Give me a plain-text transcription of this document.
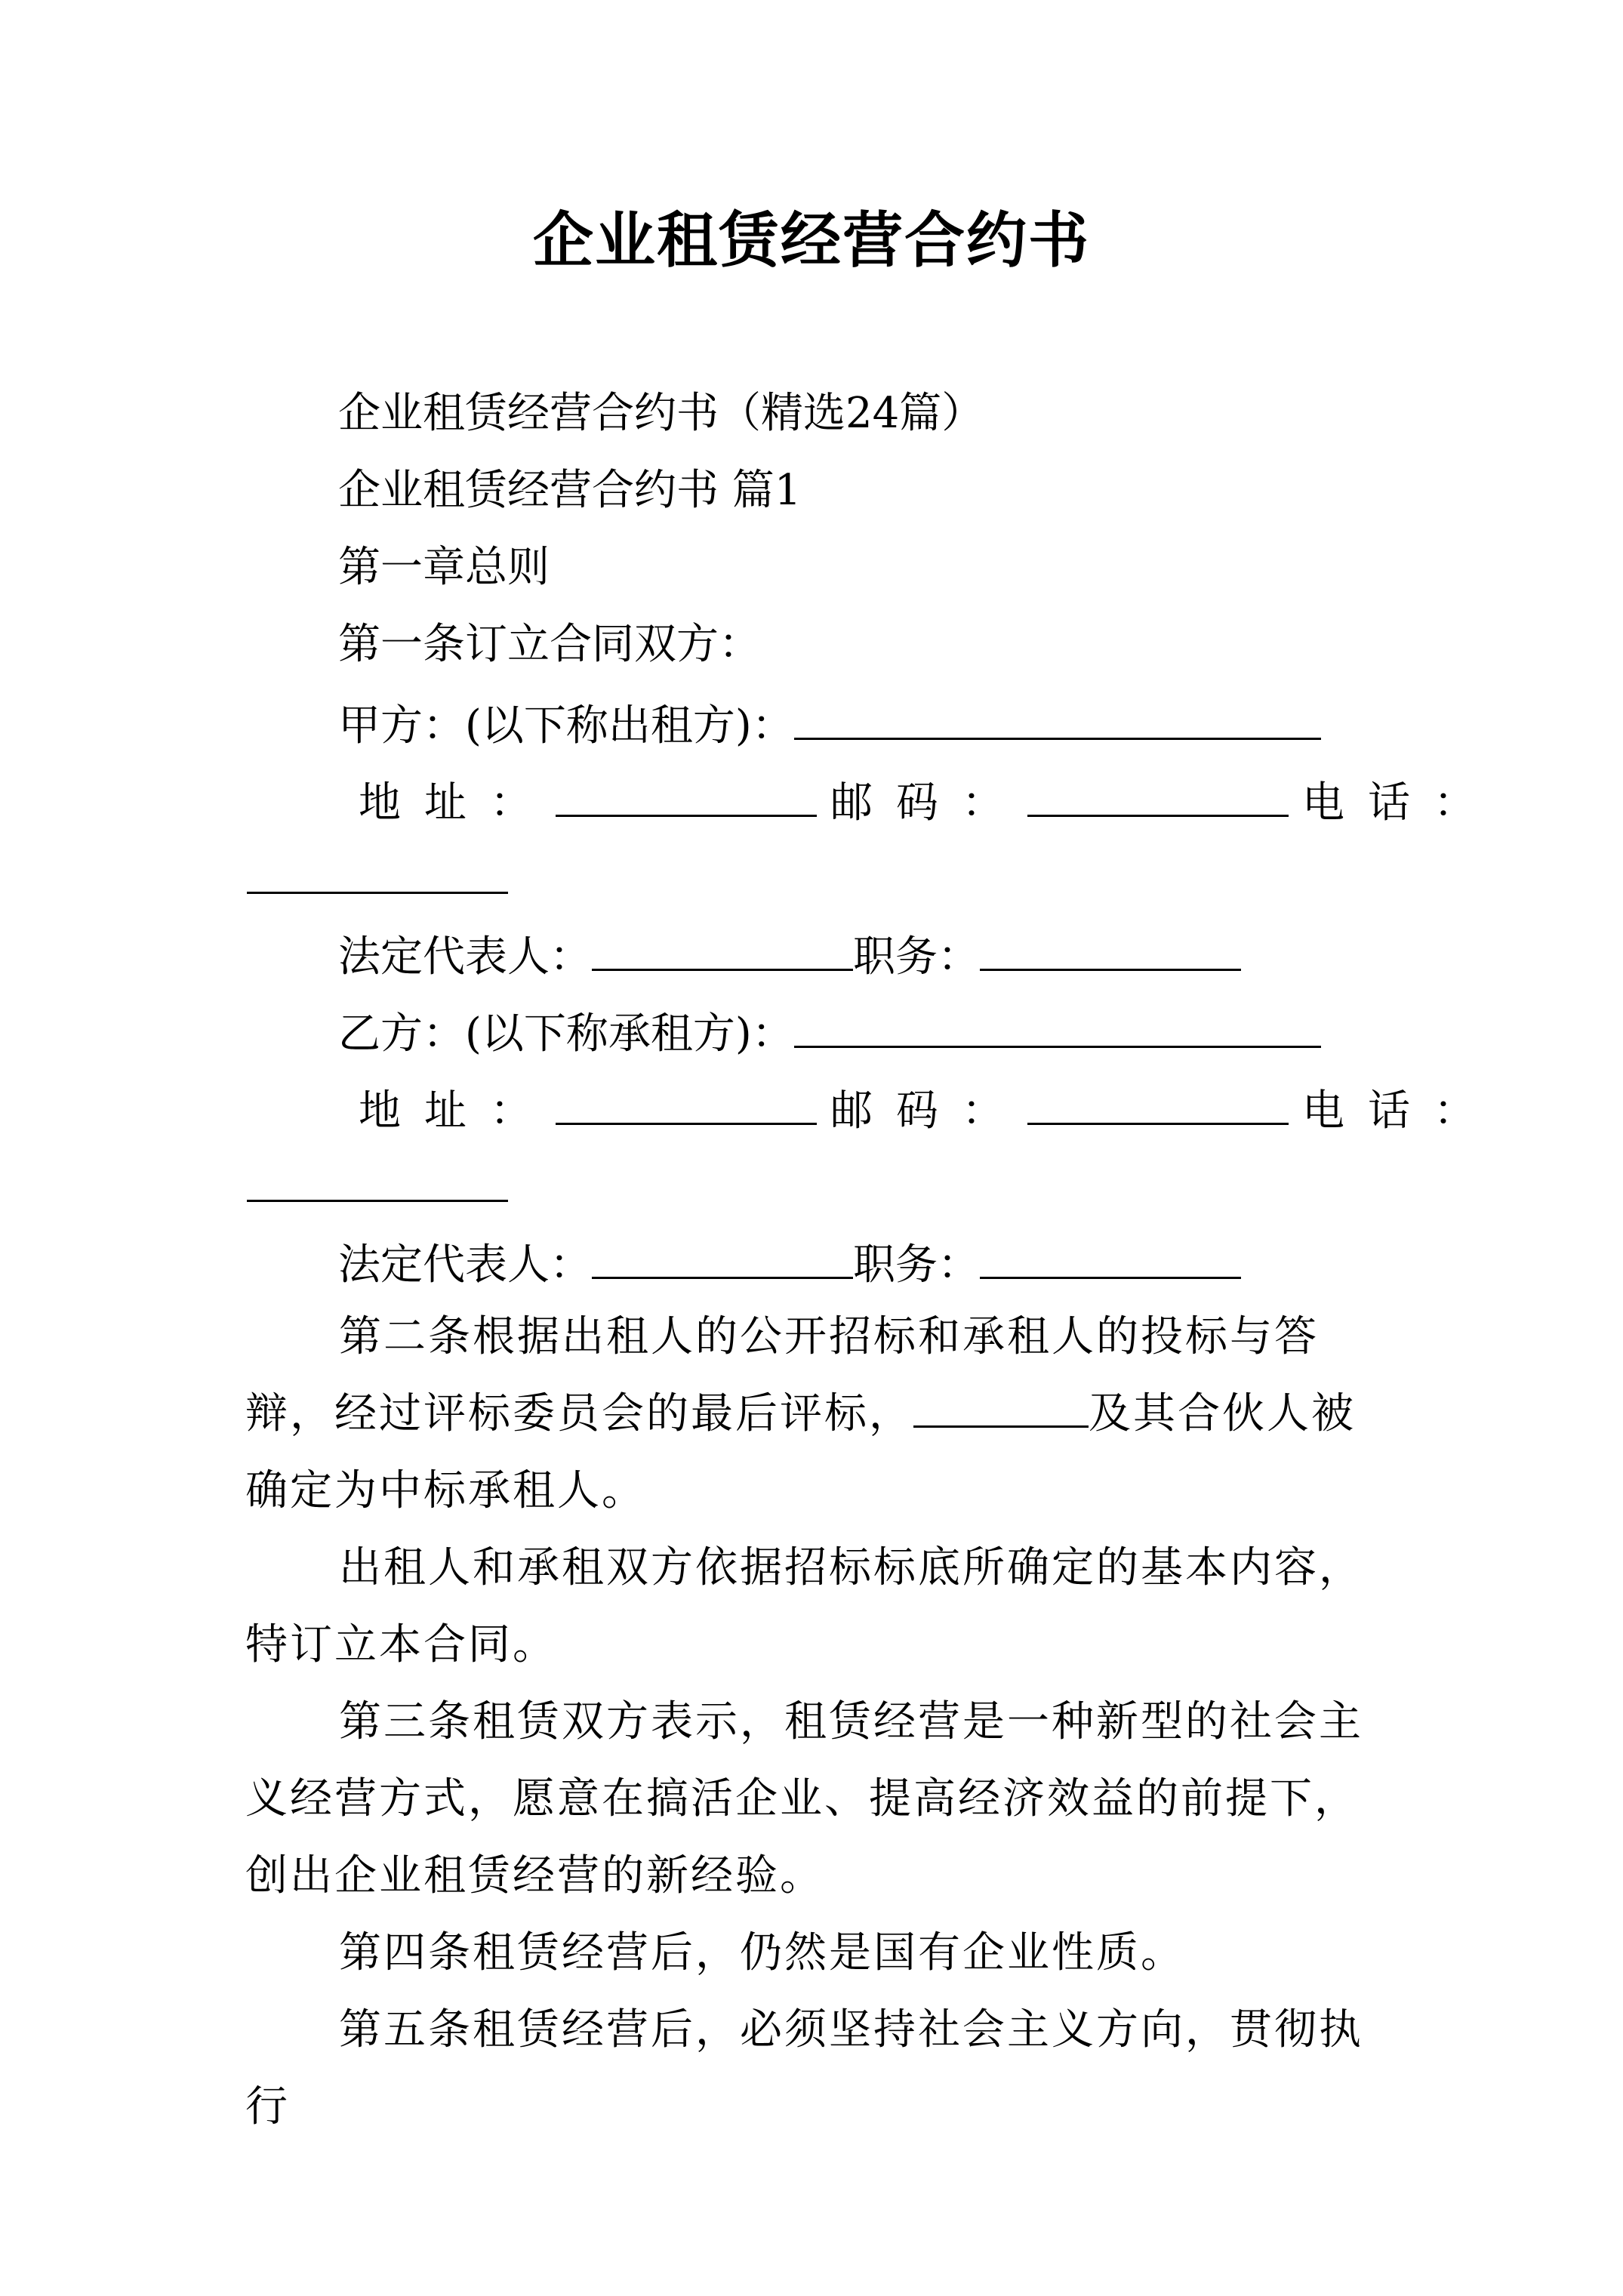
企业租赁经营合约书
企业租赁经营合约书（精选24篇）
企业租赁经营合约书 篇1
第一章总则
第一条订立合同双方：
甲方：(以下称出租方)：
地址：	邮码：	电话：
法定代表人：	职务：
乙方：(以下称承租方)：
地址：	邮码：	电话：
法定代表人：	职务：
第二条根据出租人的公开招标和承租人的投标与答辩，经过评标委员会的最后评标，	及其合伙人被确定为中标承租人。
出租人和承租双方依据招标标底所确定的基本内容，特订立本合同。
第三条租赁双方表示，租赁经营是一种新型的社会主义经营方式，愿意在搞活企业、提高经济效益的前提下，创出企业租赁经营的新经验。
第四条租赁经营后，仍然是国有企业性质。
第五条租赁经营后，必须坚持社会主义方向，贯彻执行
